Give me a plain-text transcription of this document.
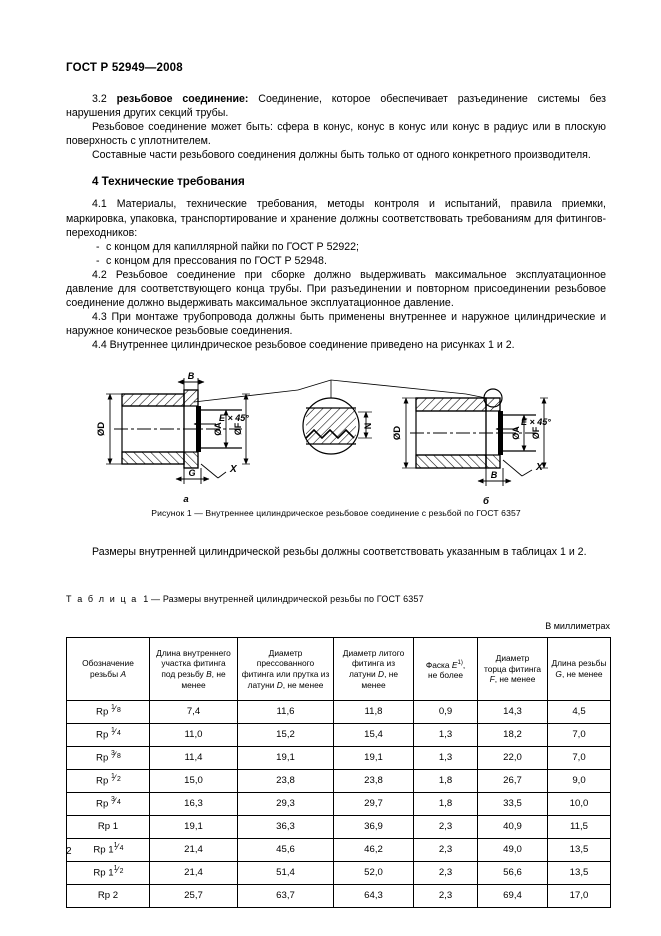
ГОСТ Р 52949—2008

3.2 резьбовое соединение: Соединение, которое обеспечивает разъединение системы без нарушения других секций трубы.

Резьбовое соединение может быть: сфера в конус, конус в конус или конус в радиус или в плоскую поверхность с уплотнителем.

Составные части резьбового соединения должны быть только от одного конкретного производителя.

4 Технические требования

4.1 Материалы, технические требования, методы контроля и испытаний, правила приемки, маркировка, упаковка, транспортирование и хранение должны соответствовать требованиям для фитингов-переходников:

- с концом для капиллярной пайки по ГОСТ Р 52922;
- с концом для прессования по ГОСТ Р 52948.

4.2 Резьбовое соединение при сборке должно выдерживать максимальное эксплуатационное давление для соответствующего конца трубы. При разъединении и повторном присоединении резьбовое соединение должно выдерживать максимальное эксплуатационное давление.

4.3 При монтаже трубопровода должны быть применены внутреннее и наружное цилиндрические и наружное коническое резьбовые соединения.

4.4 Внутреннее цилиндрическое резьбовое соединение приведено на рисунках 1 и 2.

B
ØD	ØA ØF
E × 45°
G	X
а
N ØD	ØA ØF
E × 45°
B
X
б
Рисунок 1 — Внутреннее цилиндрическое резьбовое соединение с резьбой по ГОСТ 6357

Размеры внутренней цилиндрической резьбы должны соответствовать указанным в таблицах 1 и 2.

Т а б л и ц а 1 — Размеры внутренней цилиндрической резьбы по ГОСТ 6357
В миллиметрах
Обозначение
резьбы A	Длина внутреннего
участка фитинга
под резьбу B, не
менее	Диаметр
прессованного
фитинга или прутка из
латуни D, не менее	Диаметр литого
фитинга из
латуни D, не
менее	Фаска E$^{1)}$,
не более	Диаметр
торца фитинга
F, не менее	Длина резьбы
G, не менее
Rp 1 ⁄ 8	7,4	11,6	11,8	0,9	14,3	4,5
Rp 1 ⁄ 4	11,0	15,2	15,4	1,3	18,2	7,0
Rp 3 ⁄ 8	11,4	19,1	19,1	1,3	22,0	7,0
Rp 1 ⁄ 2	15,0	23,8	23,8	1,8	26,7	9,0
Rp 3 ⁄ 4	16,3	29,3	29,7	1,8	33,5	10,0
Rp 1	19,1	36,3	36,9	2,3	40,9	11,5
Rp 1 1 ⁄ 4	21,4	45,6	46,2	2,3	49,0	13,5
Rp 1 1 ⁄ 2	21,4	51,4	52,0	2,3	56,6	13,5
Rp 2	25,7	63,7	64,3	2,3	69,4	17,0
2
